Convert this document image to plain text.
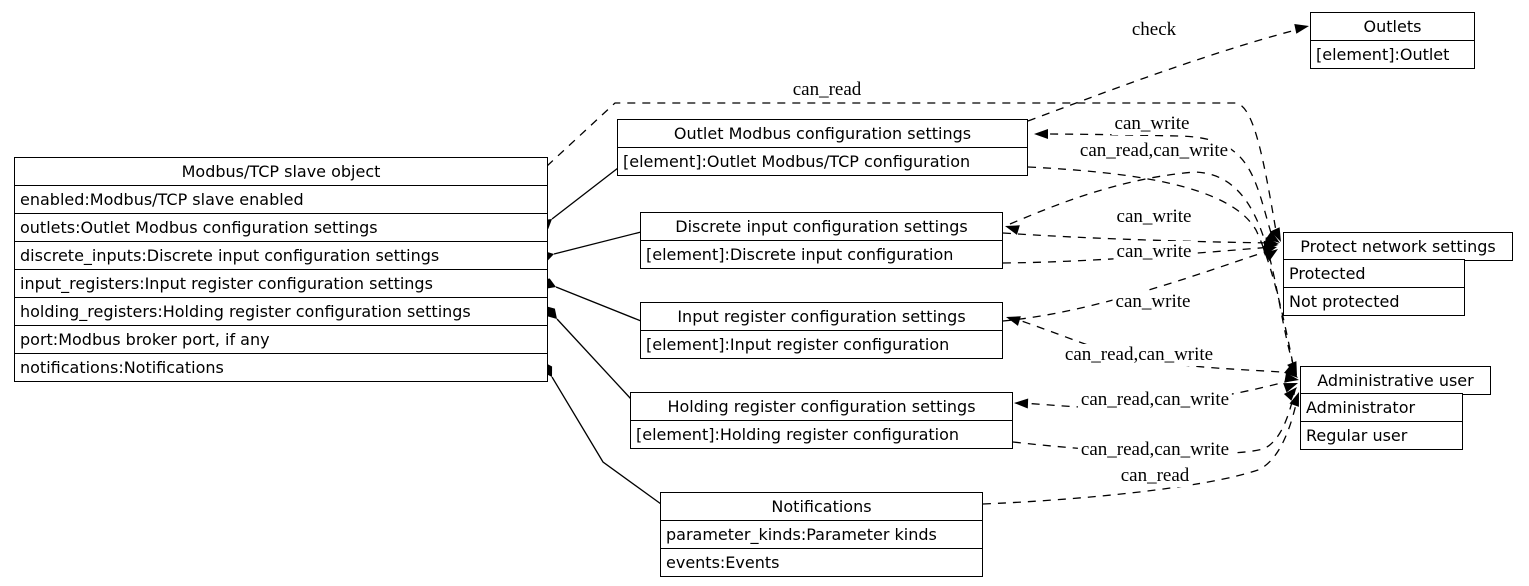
Modbus/TCP slave object
enabled:Modbus/TCP slave enabled
outlets:Outlet Modbus configuration settings
discrete_inputs:Discrete input configuration settings
input_registers:Input register configuration settings
holding_registers:Holding register configuration settings
port:Modbus broker port, if any
notifications:Notifications
Outlet Modbus configuration settings
[element]:Outlet Modbus/TCP configuration
Discrete input configuration settings
[element]:Discrete input configuration
Input register configuration settings
[element]:Input register configuration
Holding register configuration settings
[element]:Holding register configuration
Notifications
parameter_kinds:Parameter kinds
events:Events
Outlets
[element]:Outlet
Protect network settings
Protected
Not protected
Administrative user
Administrator
Regular user
can_read
check
can_write
can_read,can_write
can_write
can_write
can_write
can_read,can_write
can_read,can_write
can_read,can_write
can_read
